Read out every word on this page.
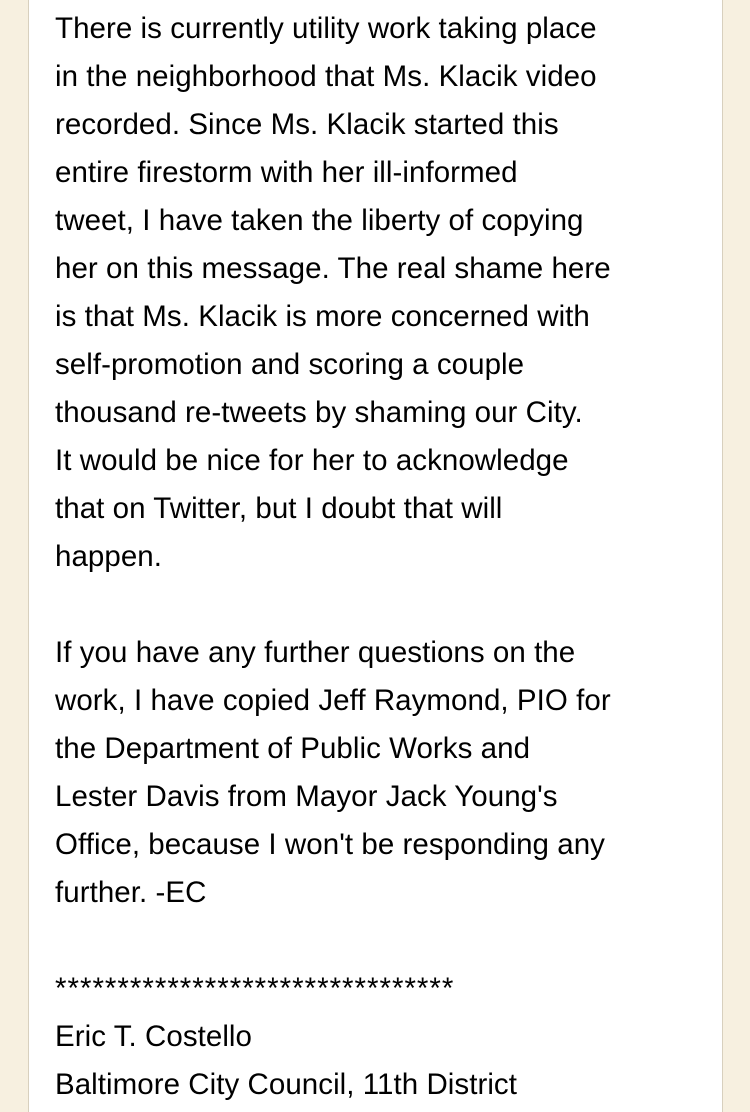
There is currently utility work taking place

in the neighborhood that Ms. Klacik video

recorded. Since Ms. Klacik started this

entire firestorm with her ill-informed

tweet, I have taken the liberty of copying

her on this message. The real shame here

is that Ms. Klacik is more concerned with

self-promotion and scoring a couple

thousand re-tweets by shaming our City.

It would be nice for her to acknowledge

that on Twitter, but I doubt that will

happen.

If you have any further questions on the

work, I have copied Jeff Raymond, PIO for

the Department of Public Works and

Lester Davis from Mayor Jack Young's

Office, because I won't be responding any

further. -EC

********************************

Eric T. Costello

Baltimore City Council, 11th District
